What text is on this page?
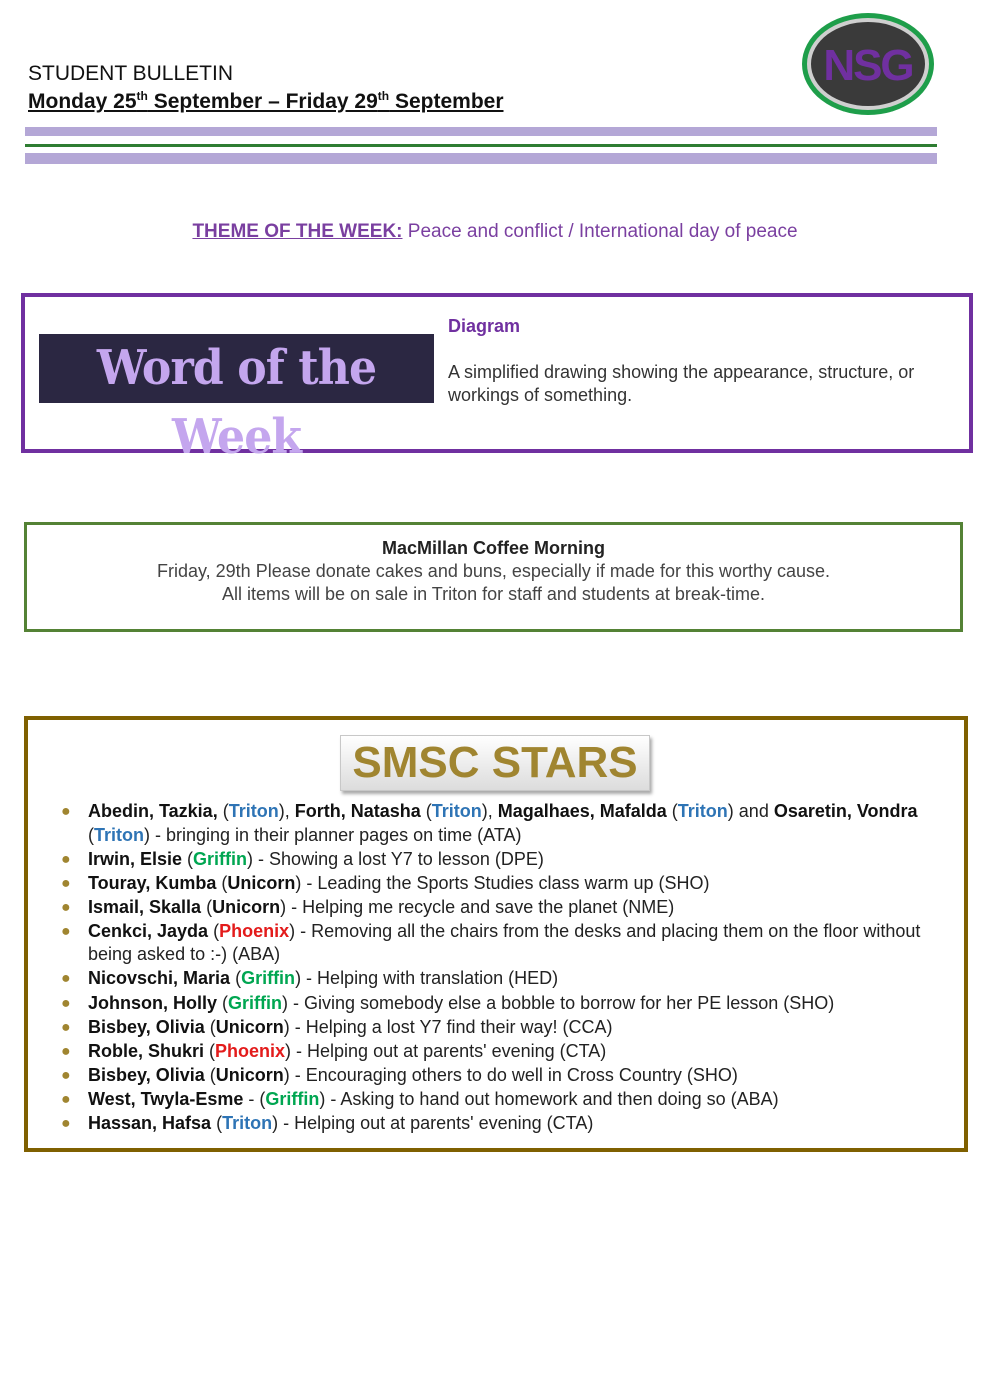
STUDENT BULLETIN
Monday 25th September – Friday 29th September
NSG
THEME OF THE WEEK: Peace and conflict / International day of peace
Word of the Week
Diagram
A simplified drawing showing the appearance, structure, or workings of something.
MacMillan Coffee Morning
Friday, 29th Please donate cakes and buns, especially if made for this worthy cause.
All items will be on sale in Triton for staff and students at break-time.
SMSC STARS
● Abedin, Tazkia, (Triton), Forth, Natasha (Triton), Magalhaes, Mafalda (Triton) and Osaretin, Vondra (Triton) - bringing in their planner pages on time (ATA)
● Irwin, Elsie (Griffin) - Showing a lost Y7 to lesson (DPE)
● Touray, Kumba (Unicorn) - Leading the Sports Studies class warm up (SHO)
● Ismail, Skalla (Unicorn) - Helping me recycle and save the planet (NME)
● Cenkci, Jayda (Phoenix) - Removing all the chairs from the desks and placing them on the floor without being asked to :-) (ABA)
● Nicovschi, Maria (Griffin) - Helping with translation (HED)
● Johnson, Holly (Griffin) - Giving somebody else a bobble to borrow for her PE lesson (SHO)
● Bisbey, Olivia (Unicorn) - Helping a lost Y7 find their way! (CCA)
● Roble, Shukri (Phoenix) - Helping out at parents' evening (CTA)
● Bisbey, Olivia (Unicorn) - Encouraging others to do well in Cross Country (SHO)
● West, Twyla-Esme - (Griffin) - Asking to hand out homework and then doing so (ABA)
● Hassan, Hafsa (Triton) - Helping out at parents' evening (CTA)
